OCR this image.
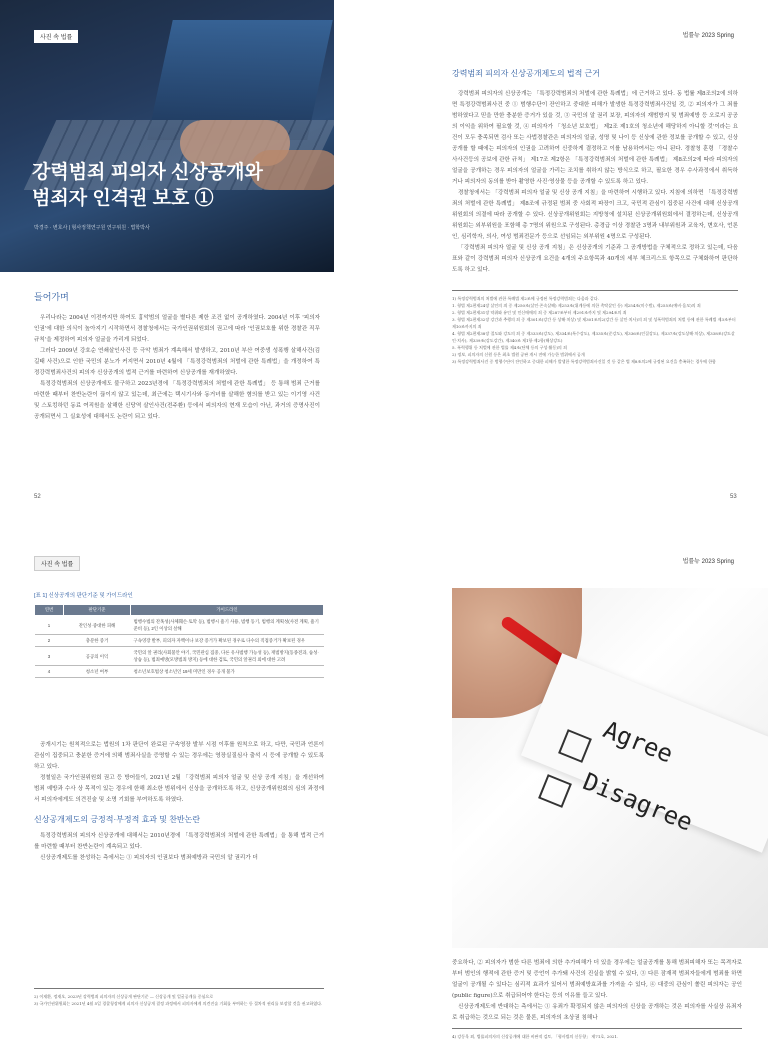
사진 속 법률
강력범죄 피의자 신상공개와
범죄자 인격권 보호 ①
박경주 · 변호사 | 형사정책연구원 연구위원 · 법학박사
들어가며

우리나라는 2004년 이전까지만 하여도 흉악범의 얼굴을 별다른 제한 조건 없이 공개하였다. 2004년 이후 '피의자 인권'에 대한 의식이 높아지기 시작하면서 경찰청에서는 국가인권위원회의 권고에 따라 '인권보호를 위한 경찰관 직무규칙'을 제정하여 피의자 얼굴을 가리게 되었다.

그러다 2009년 강호순 연쇄살인사건 등 극악 범죄가 계속해서 발생하고, 2010년 부산 여중생 성폭행 살해사건(김길태 사건)으로 인한 국민의 분노가 커지면서 2010년 4월에 「특정강력범죄의 처벌에 관한 특례법」을 개정하여 특정강력범죄사건의 피의자 신상공개의 법적 근거를 마련하여 신상공개를 재개하였다.

특정강력범죄의 신상공개에도 불구하고 2023년경에 「특정강력범죄의 처벌에 관한 특례법」 등 통해 범죄 근거를 마련한 때부터 찬반논란이 끊이지 않고 있는데, 최근에는 택시기사와 동거녀를 살해한 혐의를 받고 있는 이기영 사건 및 스토킹하던 동료 여직원을 살해한 신당역 살인사건(전주환) 등에서 피의자의 현재 모습이 아닌, 과거의 증명사진이 공개되면서 그 실효성에 대해서도 논란이 되고 있다.

52
법률뉴 2023 Spring
강력범죄 피의자 신상공개제도의 법적 근거

강력범죄 피의자의 신상공개는 「특정강력범죄의 처벌에 관한 특례법」에 근거하고 있다. 동 법률 제8조의2에 의하면 특정강력범죄사건 중 ① 범행수단이 잔인하고 중대한 피해가 발생한 특정강력범죄사건일 것, ② 피의자가 그 죄를 범하였다고 믿을 만한 충분한 증거가 있을 것, ③ 국민의 알 권리 보장, 피의자의 재범방지 및 범죄예방 등 오로지 공공의 이익을 위하여 필요할 것, ④ 피의자가 「청소년 보호법」 제2조 제1호의 청소년에 해당하지 아니할 것'이라는 요건이 모두 충족되면 검사 또는 사법경찰관은 피의자의 얼굴, 성명 및 나이 등 신상에 관한 정보를 공개할 수 있고, 신상공개를 할 때에는 피의자의 인권을 고려하여 신중하게 결정하고 이를 남용하여서는 아니 된다. 경찰청 훈령 「경찰수사사건등의 공보에 관한 규칙」 제17조 제2항은 「특정강력범죄의 처벌에 관한 특례법」 제8조의2에 따라 피의자의 얼굴을 공개하는 경우 피의자의 얼굴을 가리는 조치를 취하지 않는 방식으로 하고, 필요한 경우 수사과정에서 취득하거나 피의자의 동의를 받아 촬영한 사진·영상물 등을 공개할 수 있도록 하고 있다.

경찰청에서는 「강력범죄 피의자 얼굴 및 신상 공개 지침」을 마련하여 시행하고 있다. 지침에 의하면 「특정강력범죄의 처벌에 관한 특례법」 제8조에 규정된 범죄 중 사회적 파장이 크고, 국민적 관심이 집중된 사건에 대해 신상공개위원회의 의결에 따라 공개할 수 있다. 신상공개위원회는 지방청에 설치된 신상공개위원회에서 결정하는데, 신상공개위원회는 외부위원을 포함해 총 7명의 위원으로 구성된다. 총경급 이상 경찰관 3명과 내부위원과 교육자, 변호사, 언론인, 심리학자, 의사, 여성 범죄전문가 등으로 선임되는 외부위원 4명으로 구성된다.

「강력범죄 피의자 얼굴 및 신상 공개 지침」은 신상공개의 기준과 그 공개방법을 구체적으로 정하고 있는데, 다음 표와 같이 강력범죄 피의자 신상공개 요건을 4개의 주요항목과 40개의 세부 체크리스트 항목으로 구체화하여 판단하도록 하고 있다.

1) 특정강력범죄의 처벌에 관한 특례법 제2조에 규정된 특정강력범죄는 다음과 같다.
1. 형법 제2편제24장 살인의 죄 중 제250조(살인·존속살해) 제253조(위계등에 의한 촉탁살인 등) 제254조(미수범), 제255조(예비·음모)의 죄
2. 형법 제2편제31장 약취와 유인 및 인신매매의 죄 중 제287조부터 제291조까지 및 제294조의 죄
3. 형법 제2편제32장 강간과 추행의 죄 중 제301조(강간 등 상해·치상) 및 제301조의2(강간 등 살인·치사)의 죄 및 성폭력범죄의 처벌 등에 관한 특례법 제3조부터 제10조까지의 죄
4. 형법 제2편제38장 절도와 강도의 죄 중 제333조(강도), 제334조(특수강도), 제335조(준강도), 제336조(인질강도), 제337조(강도상해·치상), 제338조(강도살인·치사), 제339조(강도강간), 제340조 제1항·제2항(해상강도)
5. 폭력행위 등 처벌에 관한 법률 제4조(단체 등의 구성·활동)의 죄
2) 정보, 피의자의 신원 등은 최초 법원 공판 개시 전에 가능한 범위에서 공개
3) 특정강력범죄사건 중 범행수단이 잔인하고 중대한 피해가 발생한 특정강력범죄사건일 것 등 같은 법 제8조의2에 규정된 요건을 충족하는 경우에 한함
53
사진 속 법률
[표 1] 신상공개의 판단기준 및 가이드라인
연번	판단기준	가이드라인
1	잔인성·중대한 피해	범행수법의 잔혹성(사체훼손·토막 등), 범행시 흉기 사용, 범행 동기, 범행의 계획성(사전 계획, 흉기준비 등), 2인 이상의 살해
2	충분한 증거	구속영장 발부, 피의자 자백이나 보강 증거가 확보된 경우로 다수의 직접증거가 확보된 경우
3	공공의 이익	국민의 알 권리(사회불안 야기, 국민관심 집중, 다른 유사범행 가능성 등), 재범방지(동종전과, 습성·상습 등), 범죄예방(모방범죄 방지) 등에 대한 검토, 국민의 알권리 외에 대한 고려
4	청소년 여부	청소년보호법상 청소년인 19세 미만인 경우 공개 불가

공개시기는 원칙적으로는 법원의 1차 판단이 완료된 구속영장 발부 시점 이후를 원칙으로 하고, 다만, 국민과 언론이 관심이 집중되고 충분한 증거에 의해 범죄사실을 증명할 수 있는 경우에는 영장실질심사 출석 시 등에 공개할 수 있도록 하고 있다.

정철일은 국가인권위원회 권고 등 방어들이, 2021년 2월 「강력범죄 피의자 얼굴 및 신상 공개 지침」을 개선하여 범죄 예방과 수사 상 목적이 있는 경우에 한해 최소한 범위에서 신상을 공개하도록 하고, 신상공개위원회의 심의 과정에서 피의자에게도 의견진술 및 소명 기회를 부여하도록 하였다.

신상공개제도의 긍정적·부정적 효과 및 찬반논란

특정강력범죄의 피의자 신상공개에 대해서는 2010년경에 「특정강력범죄의 처벌에 관한 특례법」을 통해 법적 근거를 마련할 때부터 찬반논란이 계속되고 있다.

신상공개제도를 찬성하는 측에서는 ① 피의자의 인권보다 범죄예방과 국민의 알 권리가 더

2) 이재환, 정재오, 2023년 강력범죄 피의자의 신상공개 판단기준 — 신상공개 및 얼굴공개를 중심으로
3) 국가인권위원회는 2021년 4월 5일 경찰청장에게 피의자 신상공개 결정 과정에서 피의자에게 의견진술 기회를 부여하는 등 절차적 권리를 보장할 것을 권고하였다.
법률뉴 2023 Spring
Agree
Disagree

중요하다, ② 피의자가 범한 다른 범죄에 의한 추가피해가 더 있을 경우에는 얼굴공개를 통해 범죄피해자 또는 목격자로부터 범인의 행적에 관한 증거 및 증언이 추가돼 사건의 진실을 밝힐 수 있다, ③ 다른 잠재적 범죄자들에게 범죄를 하면 얼굴이 공개될 수 있다는 심리적 효과가 있어서 범죄예방효과를 가져올 수 있다, ④ 대중의 관심이 쏠린 피의자는 공인(public figure)으로 취급되어야 한다는 등의 이유를 들고 있다.

신상공개제도에 반대하는 측에서는 ① 유죄가 확정되지 않은 피의자의 신상을 공개하는 것은 피의자를 사실상 유죄자로 취급하는 것으로 되는 것은 물론, 피의자의 초상권 침해나

4) 강동욱 외, 법률피의자의 신상공개에 대한 비판적 검토, 「형사법의 신동향」 제71호, 2021.
